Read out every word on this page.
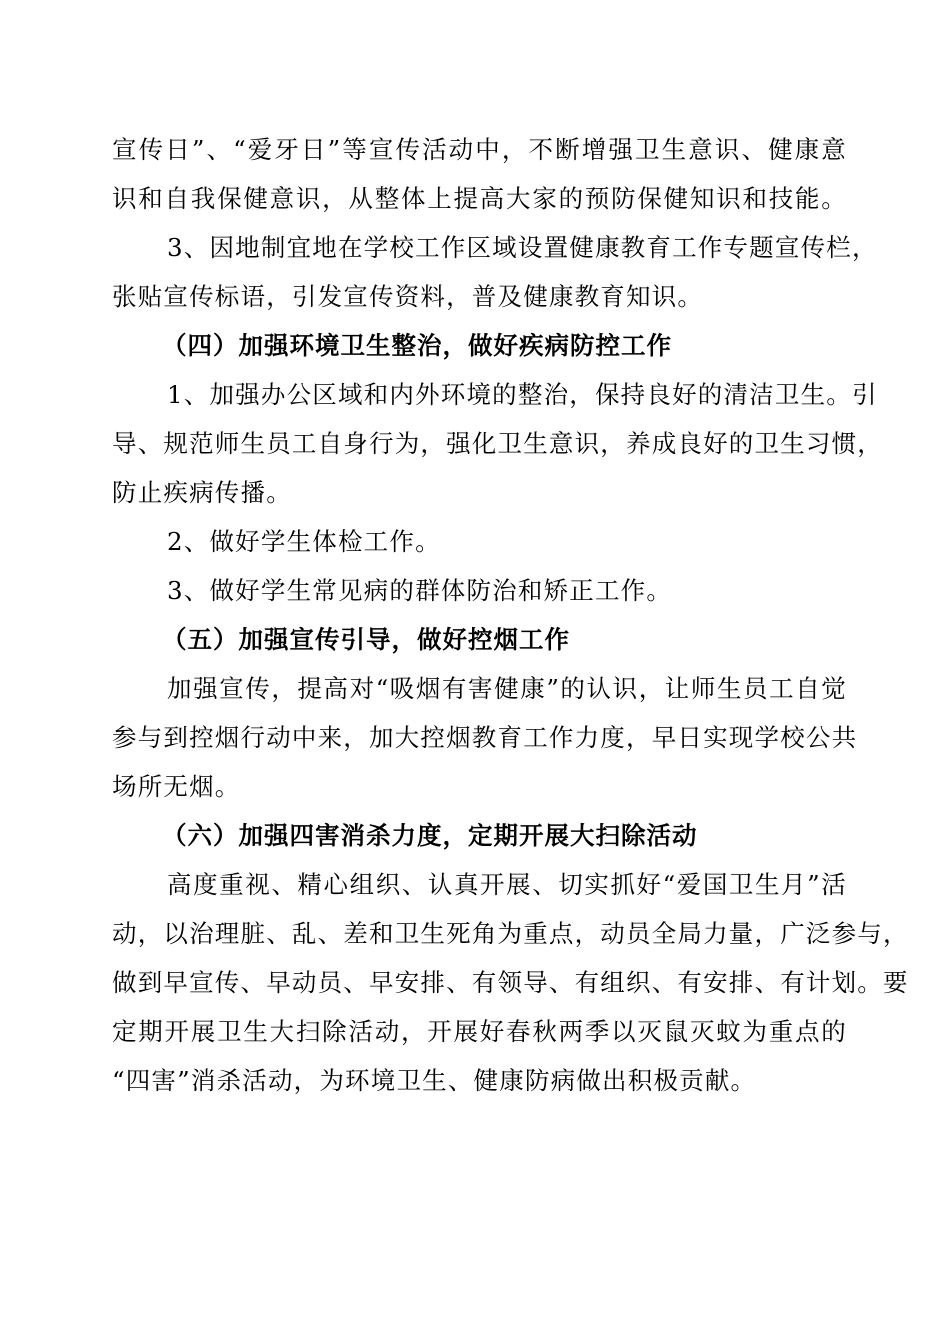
宣传日”、“爱牙日”等宣传活动中，不断增强卫生意识、健康意
识和自我保健意识，从整体上提高大家的预防保健知识和技能。
3、因地制宜地在学校工作区域设置健康教育工作专题宣传栏，
张贴宣传标语，引发宣传资料，普及健康教育知识。
（四）加强环境卫生整治，做好疾病防控工作
1、加强办公区域和内外环境的整治，保持良好的清洁卫生。引
导、规范师生员工自身行为，强化卫生意识，养成良好的卫生习惯，
防止疾病传播。
2、做好学生体检工作。
3、做好学生常见病的群体防治和矫正工作。
（五）加强宣传引导，做好控烟工作
加强宣传，提高对“吸烟有害健康”的认识，让师生员工自觉
参与到控烟行动中来，加大控烟教育工作力度，早日实现学校公共
场所无烟。
（六）加强四害消杀力度，定期开展大扫除活动
高度重视、精心组织、认真开展、切实抓好“爱国卫生月”活
动，以治理脏、乱、差和卫生死角为重点，动员全局力量，广泛参与，
做到早宣传、早动员、早安排、有领导、有组织、有安排、有计划。要
定期开展卫生大扫除活动，开展好春秋两季以灭鼠灭蚊为重点的
“四害”消杀活动，为环境卫生、健康防病做出积极贡献。
